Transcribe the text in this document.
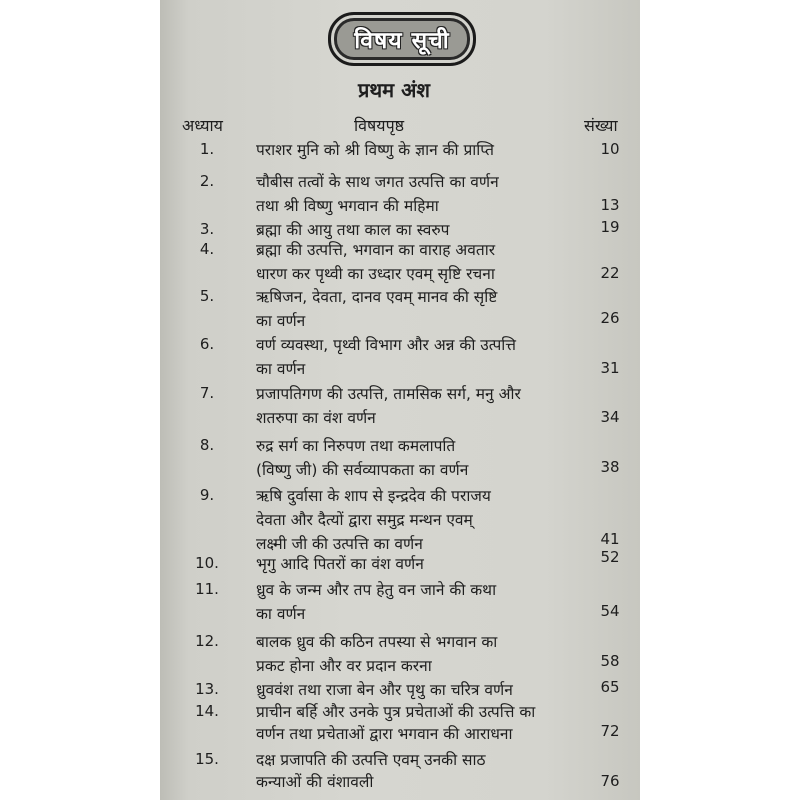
विषय सूची
प्रथम अंश
अध्याय	विषयपृष्ठ	संख्या
1.	पराशर मुनि को श्री विष्णु के ज्ञान की प्राप्ति	10
2.	चौबीस तत्वों के साथ जगत उत्पत्ति का वर्णन
तथा श्री विष्णु भगवान की महिमा	13
3.	ब्रह्मा की आयु तथा काल का स्वरुप	19
4.	ब्रह्मा की उत्पत्ति, भगवान का वाराह अवतार
धारण कर पृथ्वी का उध्दार एवम् सृष्टि रचना	22
5.	ऋषिजन, देवता, दानव एवम् मानव की सृष्टि
का वर्णन	26
6.	वर्ण व्यवस्था, पृथ्वी विभाग और अन्न की उत्पत्ति
का वर्णन	31
7.	प्रजापतिगण की उत्पत्ति, तामसिक सर्ग, मनु और
शतरुपा का वंश वर्णन	34
8.	रुद्र सर्ग का निरुपण तथा कमलापति
(विष्णु जी) की सर्वव्यापकता का वर्णन	38
9.	ऋषि दुर्वासा के शाप से इन्द्रदेव की पराजय
देवता और दैत्यों द्वारा समुद्र मन्थन एवम्
लक्ष्मी जी की उत्पत्ति का वर्णन	41
10.	भृगु आदि पितरों का वंश वर्णन	52
11.	ध्रुव के जन्म और तप हेतु वन जाने की कथा
का वर्णन	54
12.	बालक ध्रुव की कठिन तपस्या से भगवान का
प्रकट होना और वर प्रदान करना	58
13.	ध्रुववंश तथा राजा बेन और पृथु का चरित्र वर्णन	65
14.	प्राचीन बर्हि और उनके पुत्र प्रचेताओं की उत्पत्ति का
वर्णन तथा प्रचेताओं द्वारा भगवान की आराधना	72
15.	दक्ष प्रजापति की उत्पत्ति एवम् उनकी साठ
कन्याओं की वंशावली	76
